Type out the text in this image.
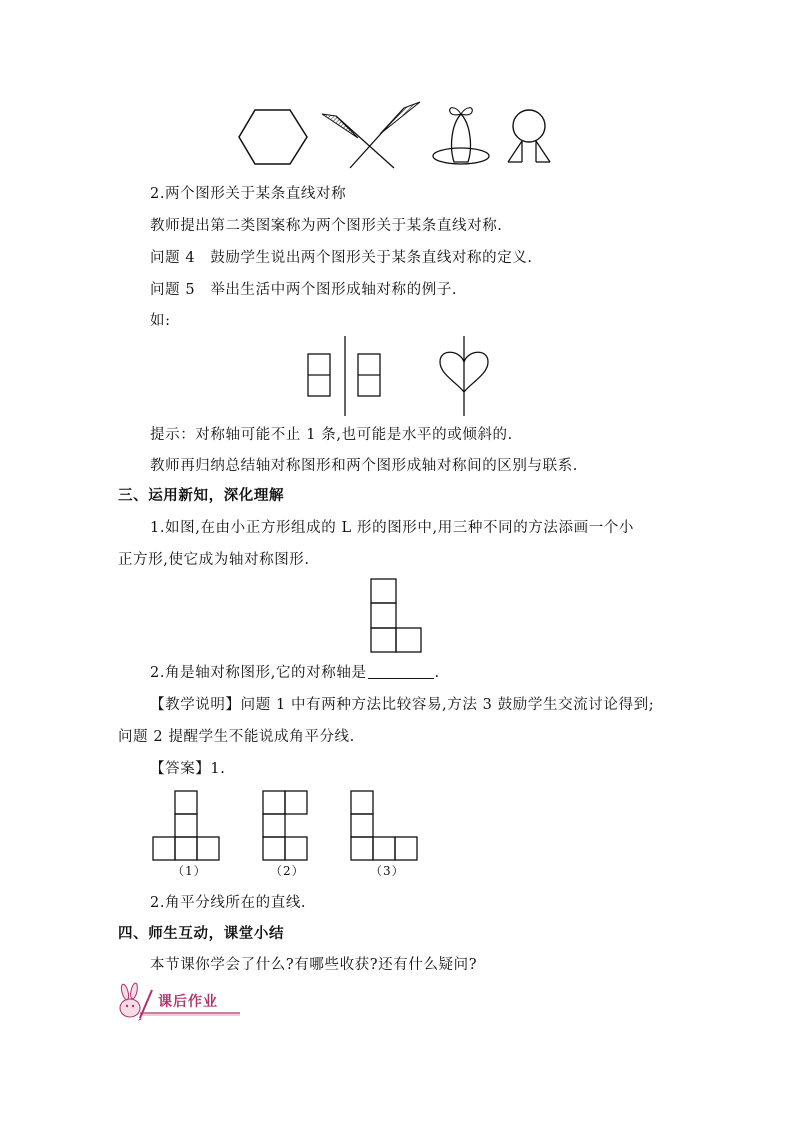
2.两个图形关于某条直线对称
教师提出第二类图案称为两个图形关于某条直线对称.
问题 4　鼓励学生说出两个图形关于某条直线对称的定义.
问题 5　举出生活中两个图形成轴对称的例子.
如:
提示：对称轴可能不止 1 条,也可能是水平的或倾斜的.
教师再归纳总结轴对称图形和两个图形成轴对称间的区别与联系.
三、运用新知，深化理解
1.如图,在由小正方形组成的 L 形的图形中,用三种不同的方法添画一个小
正方形,使它成为轴对称图形.
2.角是轴对称图形,它的对称轴是	.
【教学说明】问题 1 中有两种方法比较容易,方法 3 鼓励学生交流讨论得到;
问题 2 提醒学生不能说成角平分线.
【答案】1.
（1）	（2）	（3）
2.角平分线所在的直线.
四、师生互动，课堂小结
本节课你学会了什么?有哪些收获?还有什么疑问?
课后作业
